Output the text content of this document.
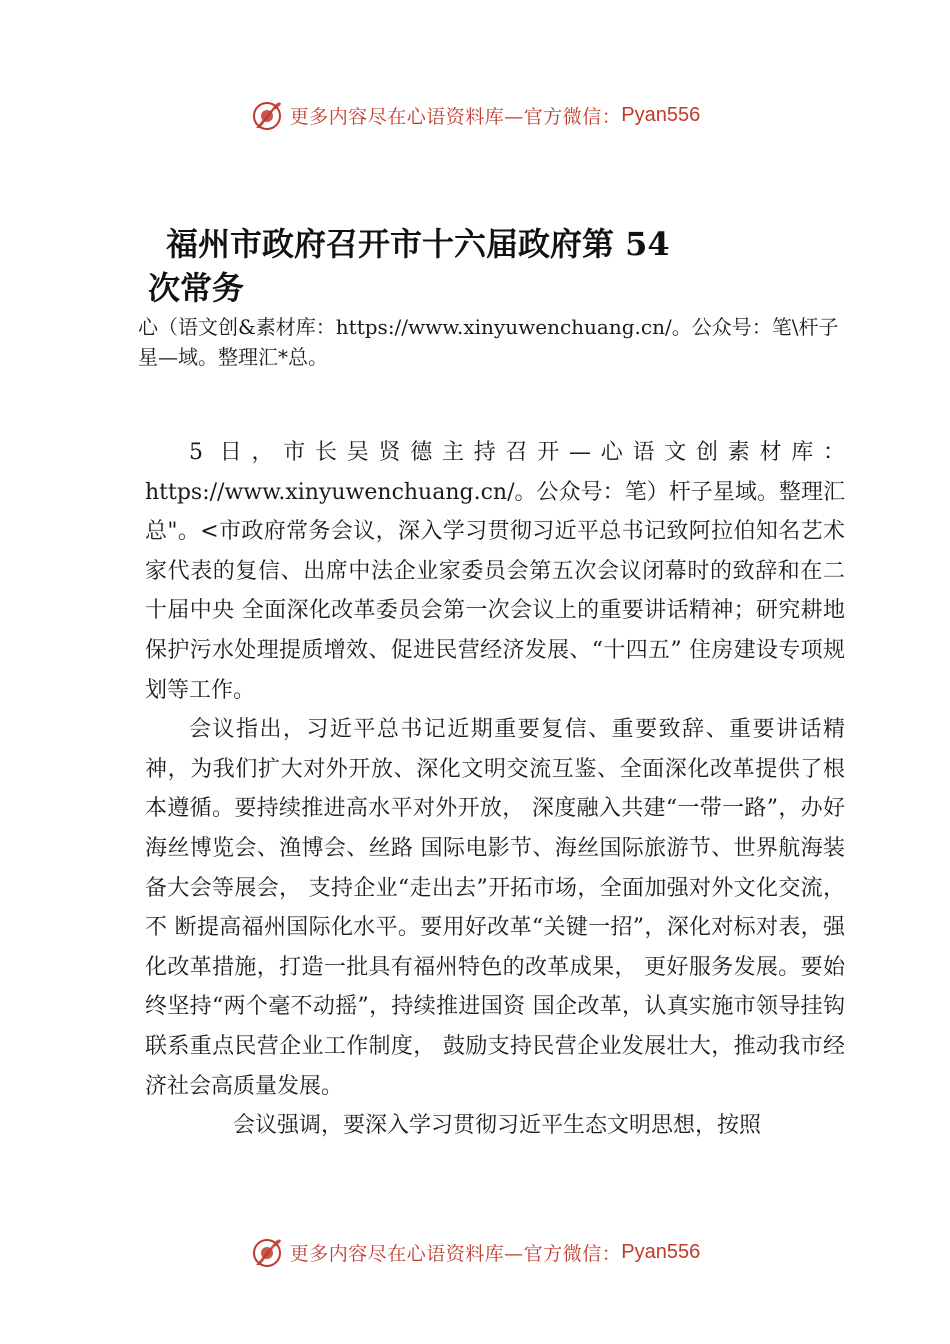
更多内容尽在心语资料库—官方微信： Pyan556
福州市政府召开市十六届政府第 54
次常务

心（语文创&素材库：https://www.xinyuwenchuang.cn/。公众号：笔\杆子星—域。整理汇*总。

5 日，市长吴贤德主持召开—心语文创素材库：https://www.xinyuwenchuang.cn/。公众号：笔）杆子星域。整理汇总"。<市政府常务会议，深入学习贯彻习近平总书记致阿拉伯知名艺术家代表的复信、出席中法企业家委员会第五次会议闭幕时的致辞和在二十届中央 全面深化改革委员会第一次会议上的重要讲话精神；研究耕地保护污水处理提质增效、促进民营经济发展、“十四五” 住房建设专项规划等工作。

会议指出，习近平总书记近期重要复信、重要致辞、重要讲话精神，为我们扩大对外开放、深化文明交流互鉴、全面深化改革提供了根本遵循。要持续推进高水平对外开放， 深度融入共建“一带一路”，办好海丝博览会、渔博会、丝路 国际电影节、海丝国际旅游节、世界航海装备大会等展会， 支持企业“走出去”开拓市场，全面加强对外文化交流，不 断提高福州国际化水平。要用好改革“关键一招”，深化对标对表，强化改革措施，打造一批具有福州特色的改革成果， 更好服务发展。要始终坚持“两个毫不动摇”，持续推进国资 国企改革，认真实施市领导挂钩联系重点民营企业工作制度， 鼓励支持民营企业发展壮大，推动我市经济社会高质量发展。

会议强调，要深入学习贯彻习近平生态文明思想，按照

更多内容尽在心语资料库—官方微信： Pyan556
